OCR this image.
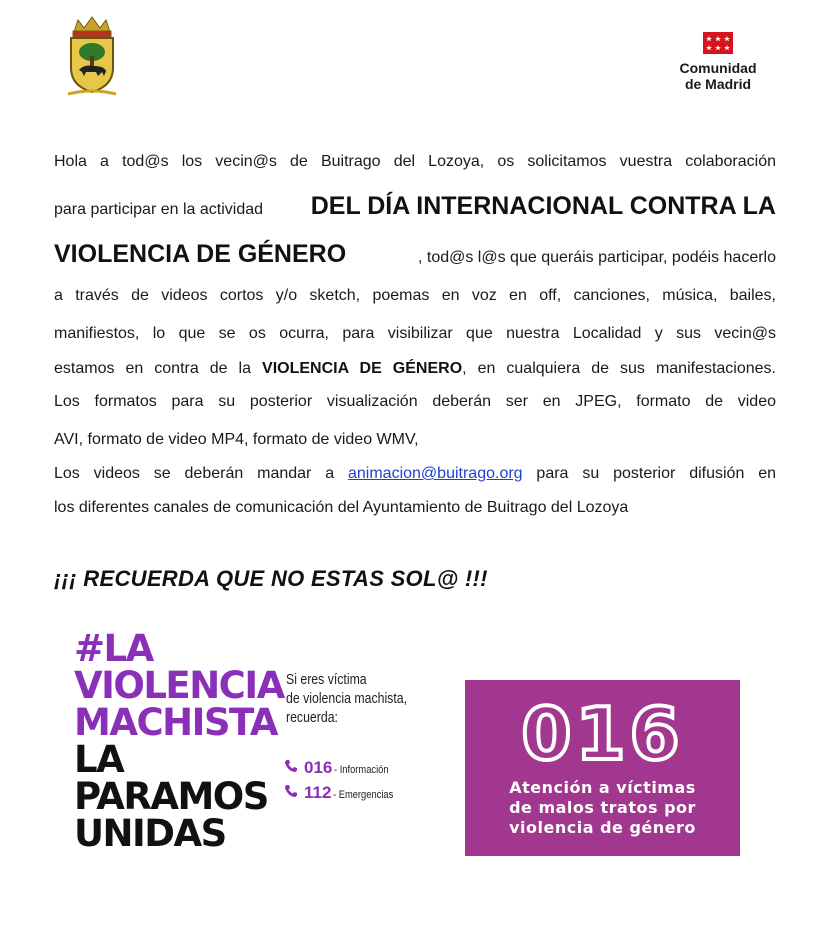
Comunidad
de Madrid
Hola a tod@s los vecin@s de Buitrago del Lozoya, os solicitamos vuestra colaboración
para participar en la actividad DEL DÍA INTERNACIONAL CONTRA LA
VIOLENCIA DE GÉNERO	, tod@s l@s que queráis participar, podéis hacerlo
a través de videos cortos y/o sketch, poemas en voz en off, canciones, música, bailes,
manifiestos, lo que se os ocurra, para visibilizar que nuestra Localidad y sus vecin@s
estamos en contra de la VIOLENCIA DE GÉNERO, en cualquiera de sus manifestaciones.
Los formatos para su posterior visualización deberán ser en JPEG, formato de video
AVI, formato de video MP4, formato de video WMV,
Los videos se deberán mandar a animacion@buitrago.org para su posterior difusión en
los diferentes canales de comunicación del Ayuntamiento de Buitrago del Lozoya
¡¡¡ RECUERDA QUE NO ESTAS SOL@ !!!
#LA
VIOLENCIA
MACHISTA
LA
PARAMOS
UNIDAS
Si eres víctima
de violencia machista,
recuerda:
016 - Información
112 - Emergencias
016
Atención a víctimas
de malos tratos por
violencia de género
